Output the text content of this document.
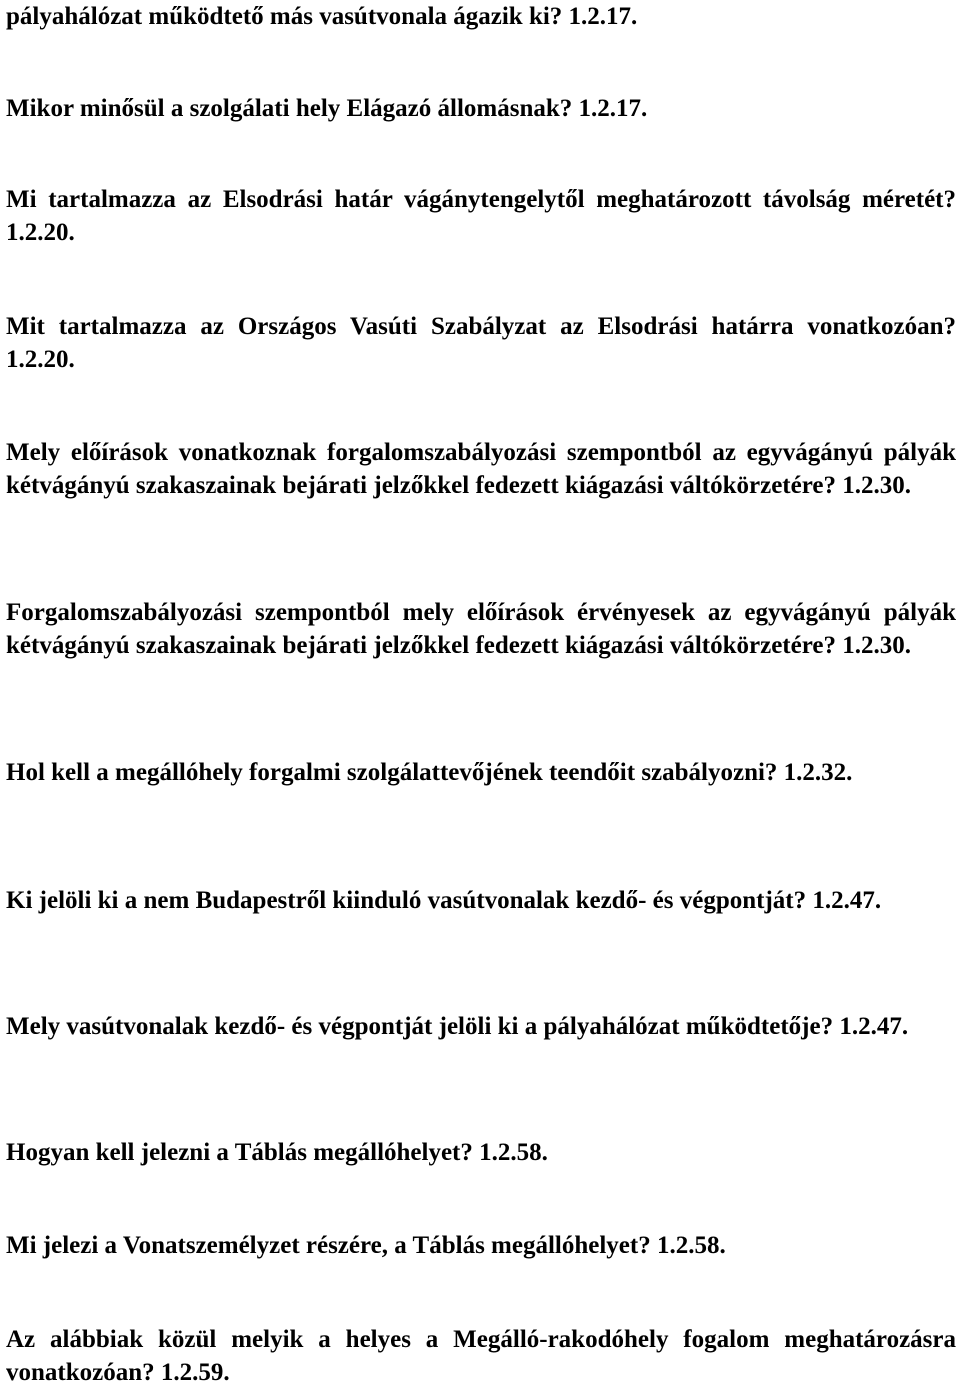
pályahálózat működtető más vasútvonala ágazik ki? 1.2.17.

Mikor minősül a szolgálati hely Elágazó állomásnak? 1.2.17.

Mi tartalmazza az Elsodrási határ vágánytengelytől meghatározott távolság méretét? 1.2.20.

Mit tartalmazza az Országos Vasúti Szabályzat az Elsodrási határra vonatkozóan? 1.2.20.

Mely előírások vonatkoznak forgalomszabályozási szempontból az egyvágányú pályák kétvágányú szakaszainak bejárati jelzőkkel fedezett kiágazási váltókörzetére? 1.2.30.

Forgalomszabályozási szempontból mely előírások érvényesek az egyvágányú pályák kétvágányú szakaszainak bejárati jelzőkkel fedezett kiágazási váltókörzetére? 1.2.30.

Hol kell a megállóhely forgalmi szolgálattevőjének teendőit szabályozni? 1.2.32.

Ki jelöli ki a nem Budapestről kiinduló vasútvonalak kezdő- és végpontját? 1.2.47.

Mely vasútvonalak kezdő- és végpontját jelöli ki a pályahálózat működtetője? 1.2.47.

Hogyan kell jelezni a Táblás megállóhelyet? 1.2.58.

Mi jelezi a Vonatszemélyzet részére, a Táblás megállóhelyet? 1.2.58.

Az alábbiak közül melyik a helyes a Megálló-rakodóhely fogalom meghatározásra vonatkozóan? 1.2.59.
